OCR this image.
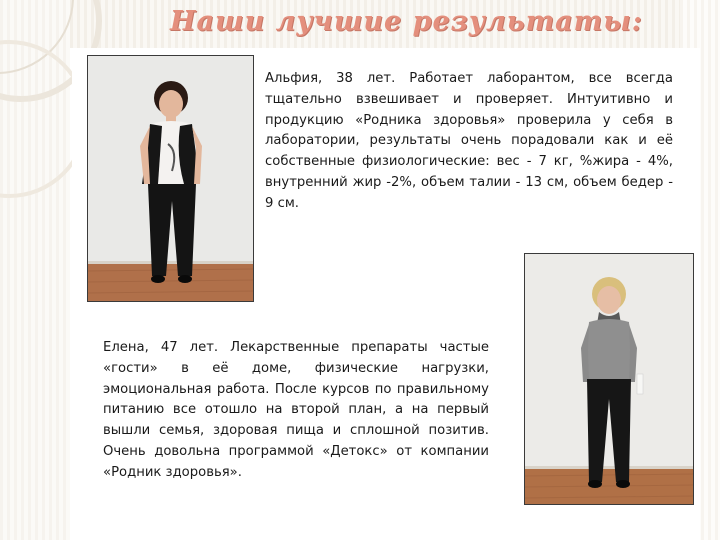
Наши лучшие результаты:
Альфия, 38 лет. Работает лаборантом, все всегда тщательно взвешивает и проверяет. Интуитивно и продукцию «Родника здоровья» проверила у себя в лаборатории, результаты очень порадовали как и её собственные физиологические: вес - 7 кг, %жира - 4%, внутренний жир -2%, объем талии - 13 см, объем бедер - 9 см.
Елена, 47 лет. Лекарственные препараты частые «гости» в её доме, физические нагрузки, эмоциональная работа. После курсов по правильному питанию все отошло на второй план, а на первый вышли семья, здоровая пища и сплошной позитив. Очень довольна программой «Детокс» от компании «Родник здоровья».
